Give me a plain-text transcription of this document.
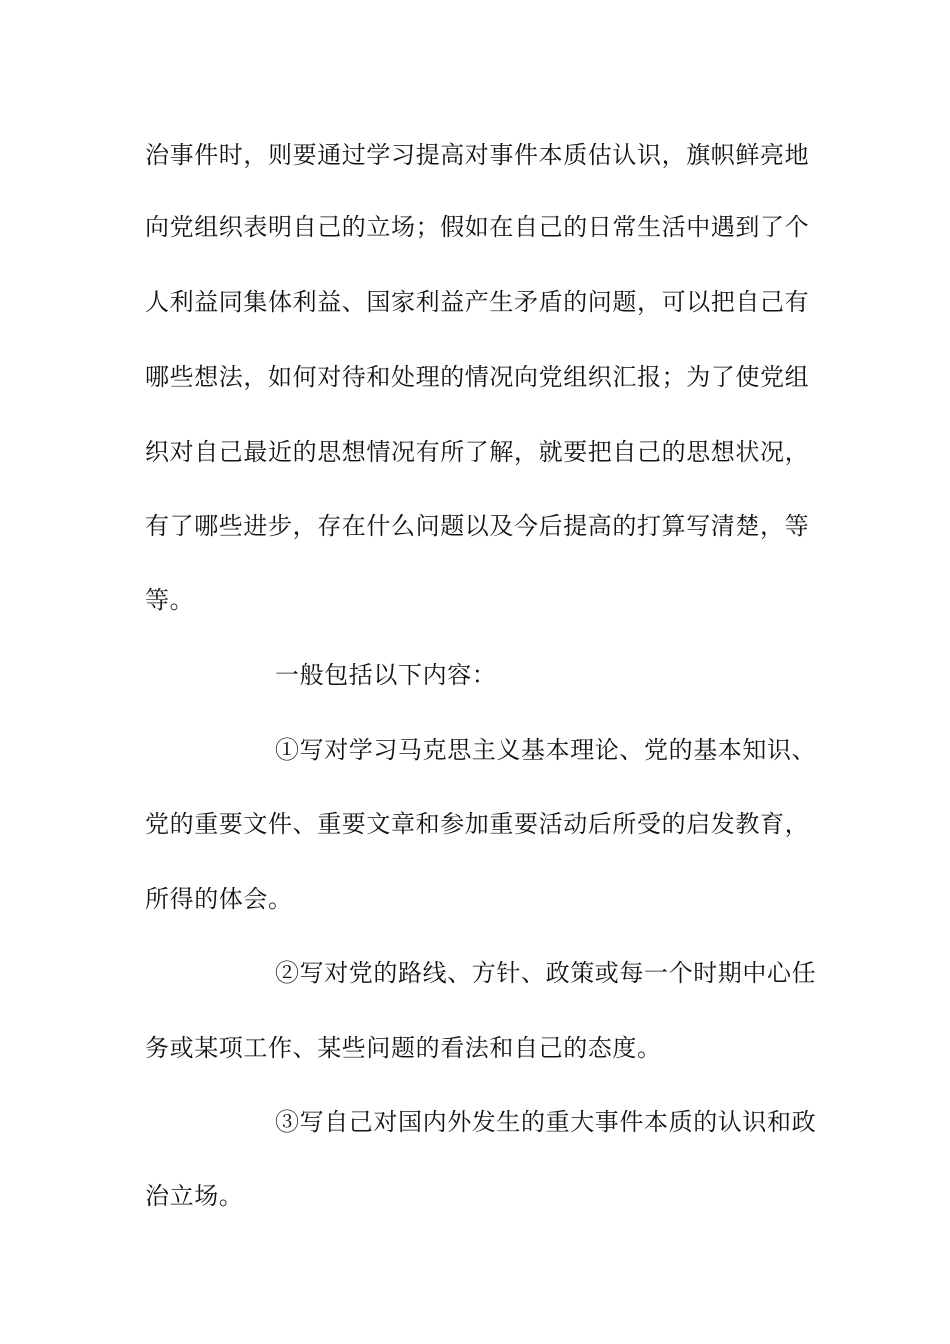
治事件时，则要通过学习提高对事件本质估认识，旗帜鲜亮地
向党组织表明自己的立场；假如在自己的日常生活中遇到了个
人利益同集体利益、国家利益产生矛盾的问题，可以把自己有
哪些想法，如何对待和处理的情况向党组织汇报；为了使党组
织对自己最近的思想情况有所了解，就要把自己的思想状况，
有了哪些进步，存在什么问题以及今后提高的打算写清楚，等
等。
一般包括以下内容：
①写对学习马克思主义基本理论、党的基本知识、
党的重要文件、重要文章和参加重要活动后所受的启发教育，
所得的体会。
②写对党的路线、方针、政策或每一个时期中心任
务或某项工作、某些问题的看法和自己的态度。
③写自己对国内外发生的重大事件本质的认识和政
治立场。
